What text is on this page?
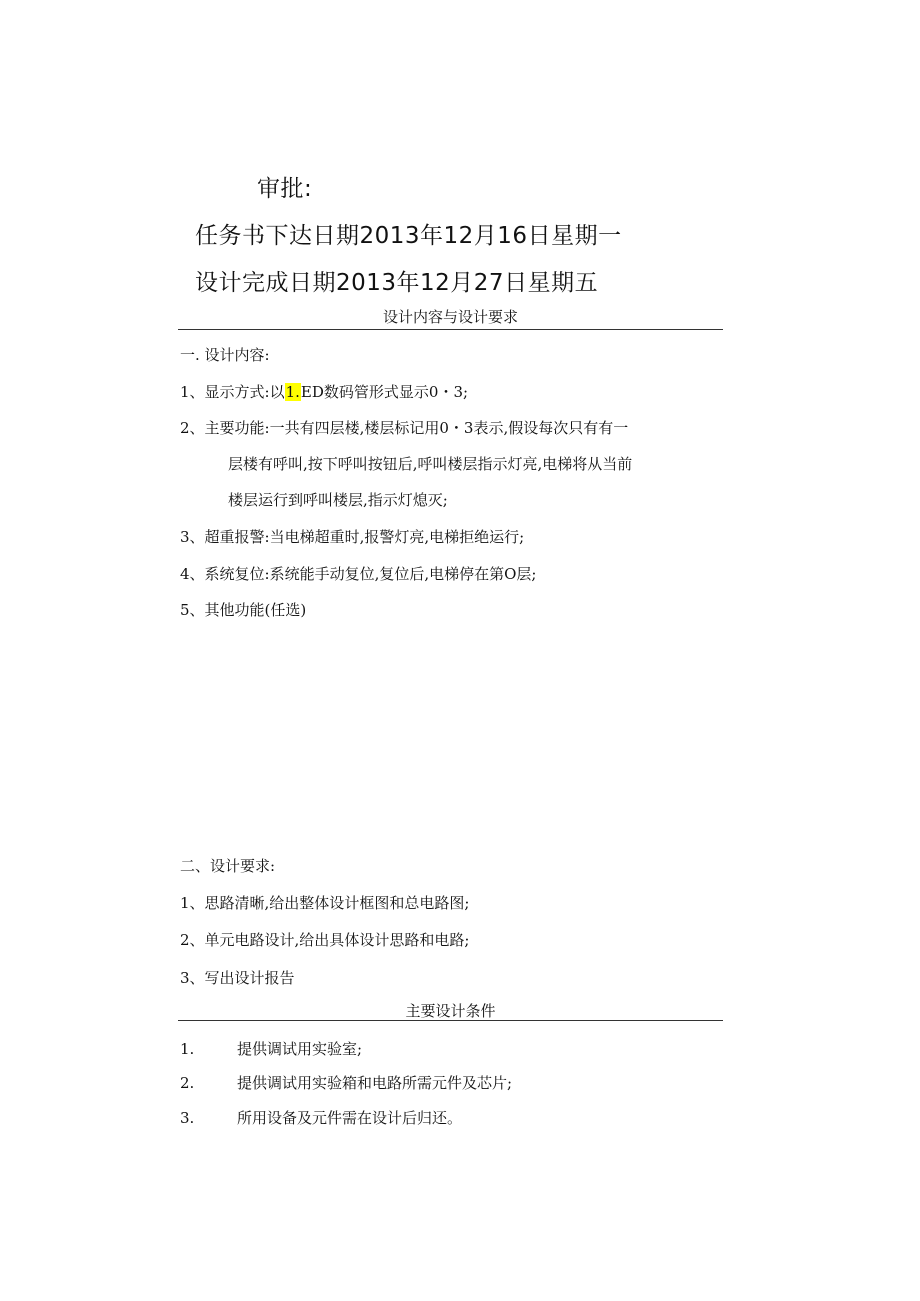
审批:
任务书下达日期2013年12月16日星期一
设计完成日期2013年12月27日星期五
设计内容与设计要求
一. 设计内容:
1、显示方式:以1.ED数码管形式显示0・3;
2、主要功能:一共有四层楼,楼层标记用0・3表示,假设每次只有有一
层楼有呼叫,按下呼叫按钮后,呼叫楼层指示灯亮,电梯将从当前
楼层运行到呼叫楼层,指示灯熄灭;
3、超重报警:当电梯超重时,报警灯亮,电梯拒绝运行;
4、系统复位:系统能手动复位,复位后,电梯停在第O层;
5、其他功能(任选)
二、设计要求:
1、思路清晰,给出整体设计框图和总电路图;
2、单元电路设计,给出具体设计思路和电路;
3、写出设计报告
主要设计条件
1.	提供调试用实验室;
2.	提供调试用实验箱和电路所需元件及芯片;
3.	所用设备及元件需在设计后归还。
